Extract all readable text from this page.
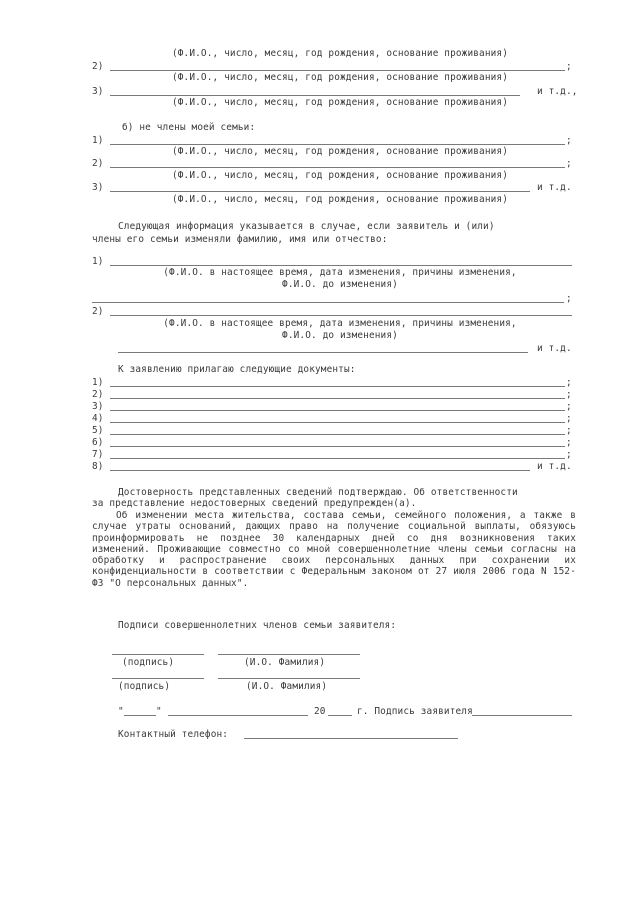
(Ф.И.О., число, месяц, год рождения, основание проживания)
2)	;
(Ф.И.О., число, месяц, год рождения, основание проживания)
3)	и т.д.,
(Ф.И.О., число, месяц, год рождения, основание проживания)
б) не члены моей семьи:
1)	;
(Ф.И.О., число, месяц, год рождения, основание проживания)
2)	;
(Ф.И.О., число, месяц, год рождения, основание проживания)
3)	и т.д.
(Ф.И.О., число, месяц, год рождения, основание проживания)
Следующая информация указывается в случае, если заявитель и (или)
члены его семьи изменяли фамилию, имя или отчество:
1)
(Ф.И.О. в настоящее время, дата изменения, причины изменения,
Ф.И.О. до изменения)
;
2)
(Ф.И.О. в настоящее время, дата изменения, причины изменения,
Ф.И.О. до изменения)
и т.д.
К заявлению прилагаю следующие документы:
1)	;
2)	;
3)	;
4)	;
5)	;
6)	;
7)	;
8)	и т.д.
Достоверность представленных сведений подтверждаю. Об ответственности
за представление недостоверных сведений предупрежден(а).
Об изменении места жительства, состава семьи, семейного положения, а также в случае утраты оснований, дающих право на получение социальной выплаты, обязуюсь проинформировать не позднее 30 календарных дней со дня возникновения таких изменений. Проживающие совместно со мной совершеннолетние члены семьи согласны на обработку и распространение своих персональных данных при сохранении их конфиденциальности в соответствии с Федеральным законом от 27 июля 2006 года N 152-ФЗ "О персональных данных".
Подписи совершеннолетних членов семьи заявителя:
(подпись)	(И.О. Фамилия)
(подпись)	(И.О. Фамилия)
"	"	20	г. Подпись заявителя
Контактный телефон:
